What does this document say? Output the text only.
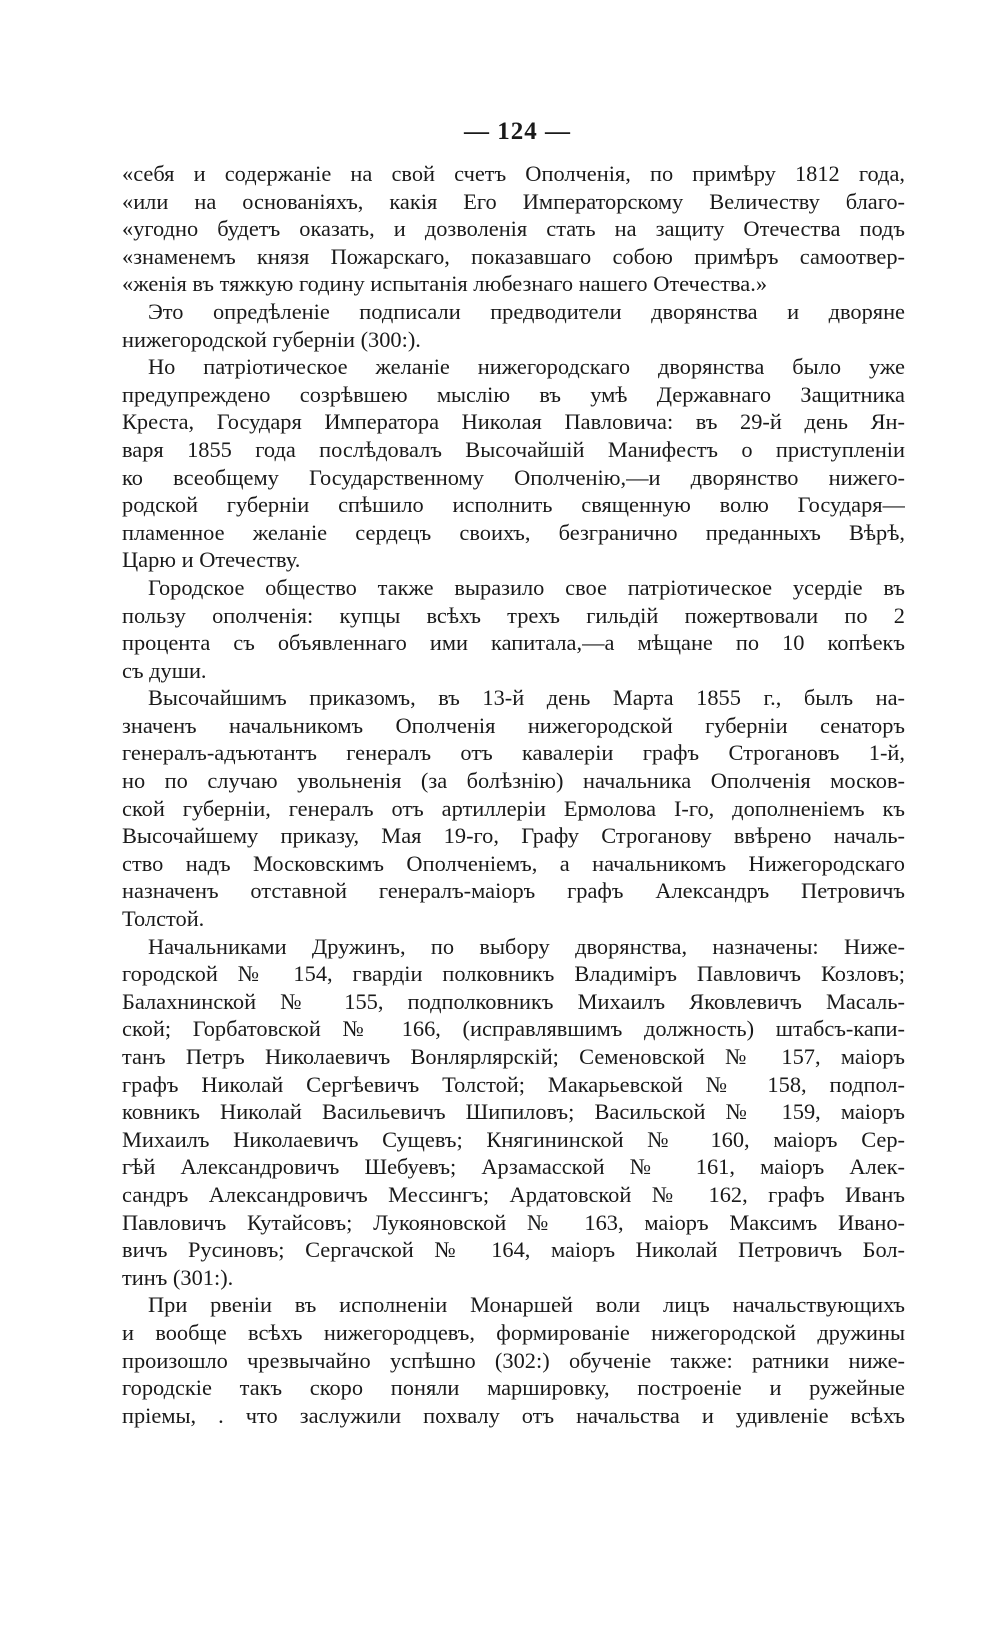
— 124 —
«себя и содержаніе на свой счетъ Ополченія, по примѣру 1812 года,
«или на основаніяхъ, какія Его Императорскому Величеству благо-
«угодно будетъ оказать, и дозволенія стать на защиту Отечества подъ
«знаменемъ князя Пожарскаго, показавшаго собою примѣръ самоотвер-
«женія въ тяжкую годину испытанія любезнаго нашего Отечества.»
Это опредѣленіе подписали предводители дворянства и дворяне
нижегородской губерніи (300:).
Но патріотическое желаніе нижегородскаго дворянства было уже
предупреждено созрѣвшею мыслію въ умѣ Державнаго Защитника
Креста, Государя Императора Николая Павловича: въ 29-й день Ян-
варя 1855 года послѣдовалъ Высочайшій Манифестъ о приступленіи
ко всеобщему Государственному Ополченію,—и дворянство нижего-
родской губерніи спѣшило исполнить священную волю Государя—
пламенное желаніе сердецъ своихъ, безгранично преданныхъ Вѣрѣ,
Царю и Отечеству.
Городское общество также выразило свое патріотическое усердіе въ
пользу ополченія: купцы всѣхъ трехъ гильдій пожертвовали по 2
процента съ объявленнаго ими капитала,—а мѣщане по 10 копѣекъ
съ души.
Высочайшимъ приказомъ, въ 13-й день Марта 1855 г., былъ на-
значенъ начальникомъ Ополченія нижегородской губерніи сенаторъ
генералъ-адъютантъ генералъ отъ кавалеріи графъ Строгановъ 1-й,
но по случаю увольненія (за болѣзнію) начальника Ополченія москов-
ской губерніи, генералъ отъ артиллеріи Ермолова I-го, дополненіемъ къ
Высочайшему приказу, Мая 19-го, Графу Строганову ввѣрено началь-
ство надъ Московскимъ Ополченіемъ, а начальникомъ Нижегородскаго
назначенъ отставной генералъ-маіоръ графъ Александръ Петровичъ
Толстой.
Начальниками Дружинъ, по выбору дворянства, назначены: Нижe-
городской № 154, гвардіи полковникъ Владиміръ Павловичъ Козловъ;
Балахнинской № 155, подполковникъ Михаилъ Яковлевичъ Масаль-
ской; Горбатовской № 166, (исправлявшимъ должность) штабсъ-капи-
танъ Петръ Николаевичъ Вонлярлярскій; Семеновской № 157, маіоръ
графъ Николай Сергѣевичъ Толстой; Макарьевской № 158, подпол-
ковникъ Николай Васильевичъ Шипиловъ; Васильской № 159, маіоръ
Михаилъ Николаевичъ Сущевъ; Княгининской № 160, маіоръ Сер-
гѣй Александровичъ Шебуевъ; Арзамасской № 161, маіоръ Алек-
сандръ Александровичъ Мессингъ; Ардатовской № 162, графъ Иванъ
Павловичъ Кутайсовъ; Лукояновской № 163, маіоръ Максимъ Ивано-
вичъ Русиновъ; Сергачской № 164, маіоръ Николай Петровичъ Бол-
тинъ (301:).
При рвеніи въ исполненіи Монаршей воли лицъ начальствующихъ
и вообще всѣхъ нижегородцевъ, формированіе нижегородской дружины
произошло чрезвычайно успѣшно (302:) обученіе также: ратники ниже-
городскіе такъ скоро поняли маршировку, построеніе и ружейные
пріемы, . что заслужили похвалу отъ начальства и удивленіе всѣхъ
